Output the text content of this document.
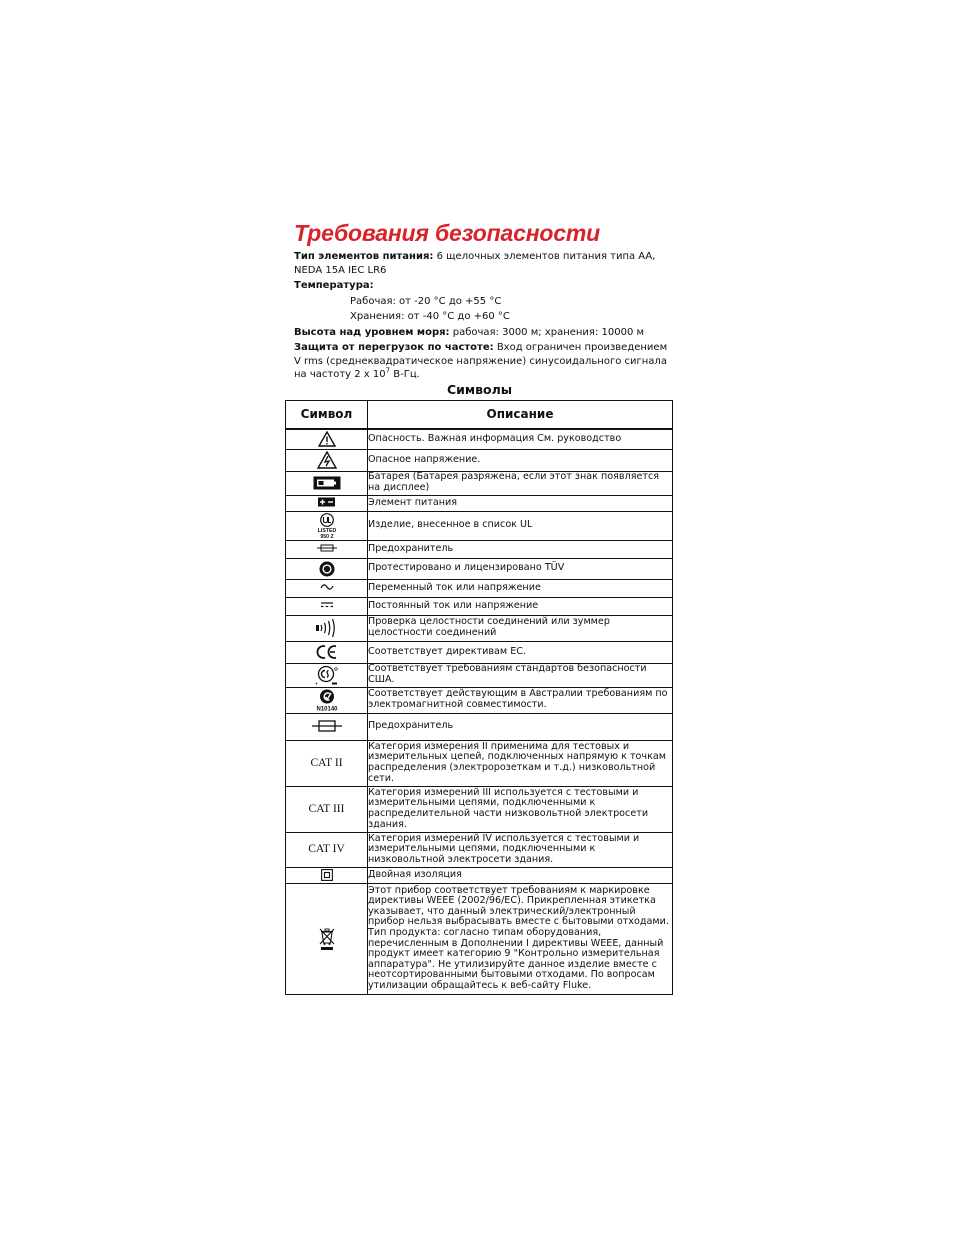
Требования безопасности
Тип элементов питания: 6 щелочных элементов питания типа AA,
NEDA 15A IEC LR6
Температура:
Рабочая: от -20 °C до +55 °C
Хранения: от -40 °C до +60 °C
Высота над уровнем моря: рабочая: 3000 м; хранения: 10000 м
Защита от перегрузок по частоте: Вход ограничен произведением
V rms (среднеквадратическое напряжение) синусоидального сигнала
на частоту 2 x $10^7$ В-Гц.
Символы
Символ	Описание
	Опасность. Важная информация См. руководство
	Опасное напряжение.
	Батарея (Батарея разряжена, если этот знак появляется на дисплее)
	Элемент питания

LISTED
950 Z	Изделие, внесенное в список UL
	Предохранитель
	Протестировано и лицензировано TÜV
	Переменный ток или напряжение
	Постоянный ток или напряжение
	Проверка целостности соединений или зуммер целостности соединений
	Соответствует директивам EC.
	Соответствует требованиям стандартов безопасности США.

N10140	Соответствует действующим в Австралии требованиям по электромагнитной совместимости.
	Предохранитель
CAT II	Категория измерения II применима для тестовых и измерительных цепей, подключенных напрямую к точкам распределения (электророзеткам и т.д.) низковольтной сети.
CAT III	Категория измерений III используется с тестовыми и измерительными цепями, подключенными к распределительной части низковольтной электросети здания.
CAT IV	Категория измерений IV используется с тестовыми и измерительными цепями, подключенными к низковольтной электросети здания.
	Двойная изоляция
	Этот прибор соответствует требованиям к маркировке директивы WEEE (2002/96/EC). Прикрепленная этикетка указывает, что данный электрический/электронный прибор нельзя выбрасывать вместе с бытовыми отходами. Тип продукта: согласно типам оборудования, перечисленным в Дополнении I директивы WEEE, данный продукт имеет категорию 9 "Контрольно измерительная аппаратура". Не утилизируйте данное изделие вместе с неотсортированными бытовыми отходами. По вопросам утилизации обращайтесь к веб-сайту Fluke.
